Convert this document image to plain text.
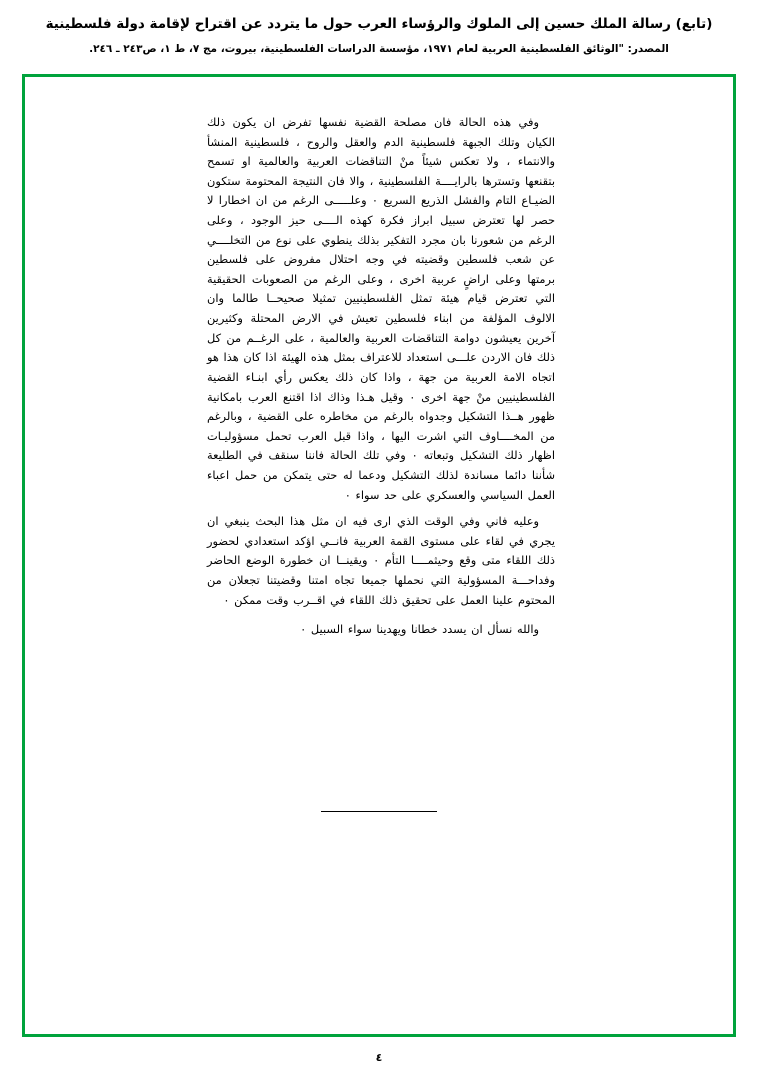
(تابع) رسالة الملك حسين إلى الملوك والرؤساء العرب حول ما يتردد عن اقتراح لإقامة دولة فلسطينية
المصدر: "الوثائق الفلسطينية العربية لعام ١٩٧١، مؤسسة الدراسات الفلسطينية، بيروت، مج ٧، ط ١، ص٢٤٣ ـ ٢٤٦.

وفي هذه الحالة فان مصلحة القضية نفسها تفرض ان يكون ذلك الكيان وتلك الجبهة فلسطينية الدم والعقل والروح ، فلسطينية المنشأ والانتماء ، ولا تعكس شيئاً منْ التناقضات العربية والعالمية او تسمح بتقنعها وتسترها بالرايــــة الفلسطينية ، والا فان النتيجة المحتومة ستكون الضيـاع التام والفشل الذريع السريع ٠ وعلـــــى الرغم من ان اخطارا لا حصر لها تعترض سبيل ابراز فكرة كهذه الــــى حيز الوجود ، وعلى الرغم من شعورنا بان مجرد التفكير بذلك ينطوي على نوع من التخلــــي عن شعب فلسطين وقضيته في وجه احتلال مفروض على فلسطين برمتها وعلى اراضٍ عربية اخرى ، وعلى الرغم من الصعوبات الحقيقية التي تعترض قيام هيئة تمثل الفلسطينيين تمثيلا صحيحــا طالما وان الالوف المؤلفة من ابناء فلسطين تعيش في الارض المحتلة وكثيرين آخرين يعيشون دوامة التناقضات العربية والعالمية ، على الرغــم من كل ذلك فان الاردن علـــى استعداد للاعتراف بمثل هذه الهيئة اذا كان هذا هو اتجاه الامة العربية من جهة ، واذا كان ذلك يعكس رأي ابنـاء القضية الفلسطينيين منْ جهة اخرى ٠ وقيل هـذا وذاك اذا اقتنع العرب بامكانية ظهور هــذا التشكيل وجدواه بالرغم من مخاطره على القضية ، وبالرغم من المخــــاوف التي اشرت اليها ، واذا قبل العرب تحمل مسؤوليـات اظهار ذلك التشكيل وتبعاته ٠ وفي تلك الحالة فاننا سنقف في الطليعة شأننا دائما مساندة لذلك التشكيل ودعما له حتى يتمكن من حمل اعباء العمل السياسي والعسكري على حد سواء ٠

وعليه فاني وفي الوقت الذي ارى فيه ان مثل هذا البحث ينبغي ان يجري في لقاء على مستوى القمة العربية فانــي اؤكد استعدادي لحضور ذلك اللقاء متى وقع وحيثمــــا التأم ٠ ويقينــا ان خطورة الوضع الحاضر وفداحـــة المسؤولية التي نحملها جميعا تجاه امتنا وقضيتنا تجعلان من المحتوم علينا العمل على تحقيق ذلك اللقاء في اقــرب وقت ممكن ٠

والله نسأل ان يسدد خطانا ويهدينا سواء السبيل ٠

٤
